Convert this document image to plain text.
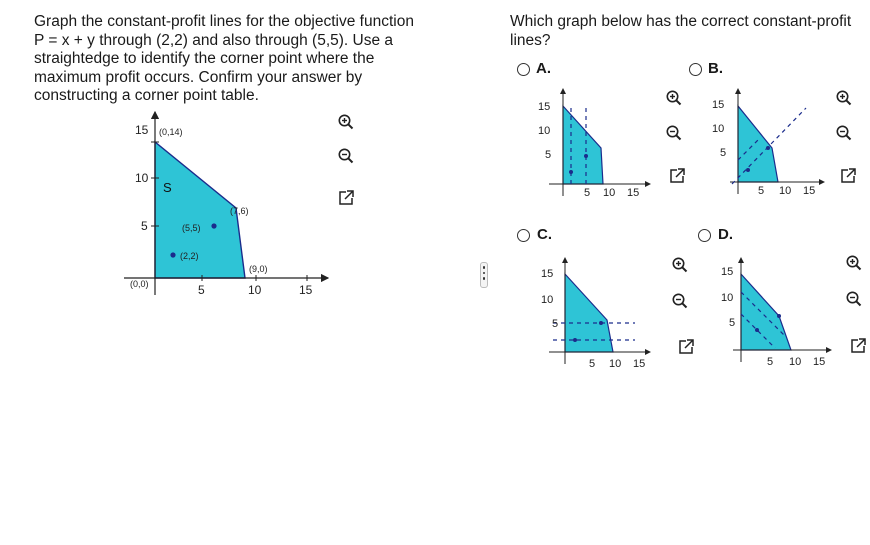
Graph the constant-profit lines for the objective function
P = x + y through (2,2) and also through (5,5). Use a
straightedge to identify the corner point where the
maximum profit occurs. Confirm your answer by
constructing a corner point table.
Which graph below has the correct constant-profit
lines?
15
10
5
5	10	15
S
(0,14)
(7,6)
(5,5)
(2,2)
(9,0)
(0,0)
A.
15
10
5
5 10 15
B.
15
10
5
5 10 15
C.
15
10
5
5 10 15
D.
15
10
5
5 10 15
